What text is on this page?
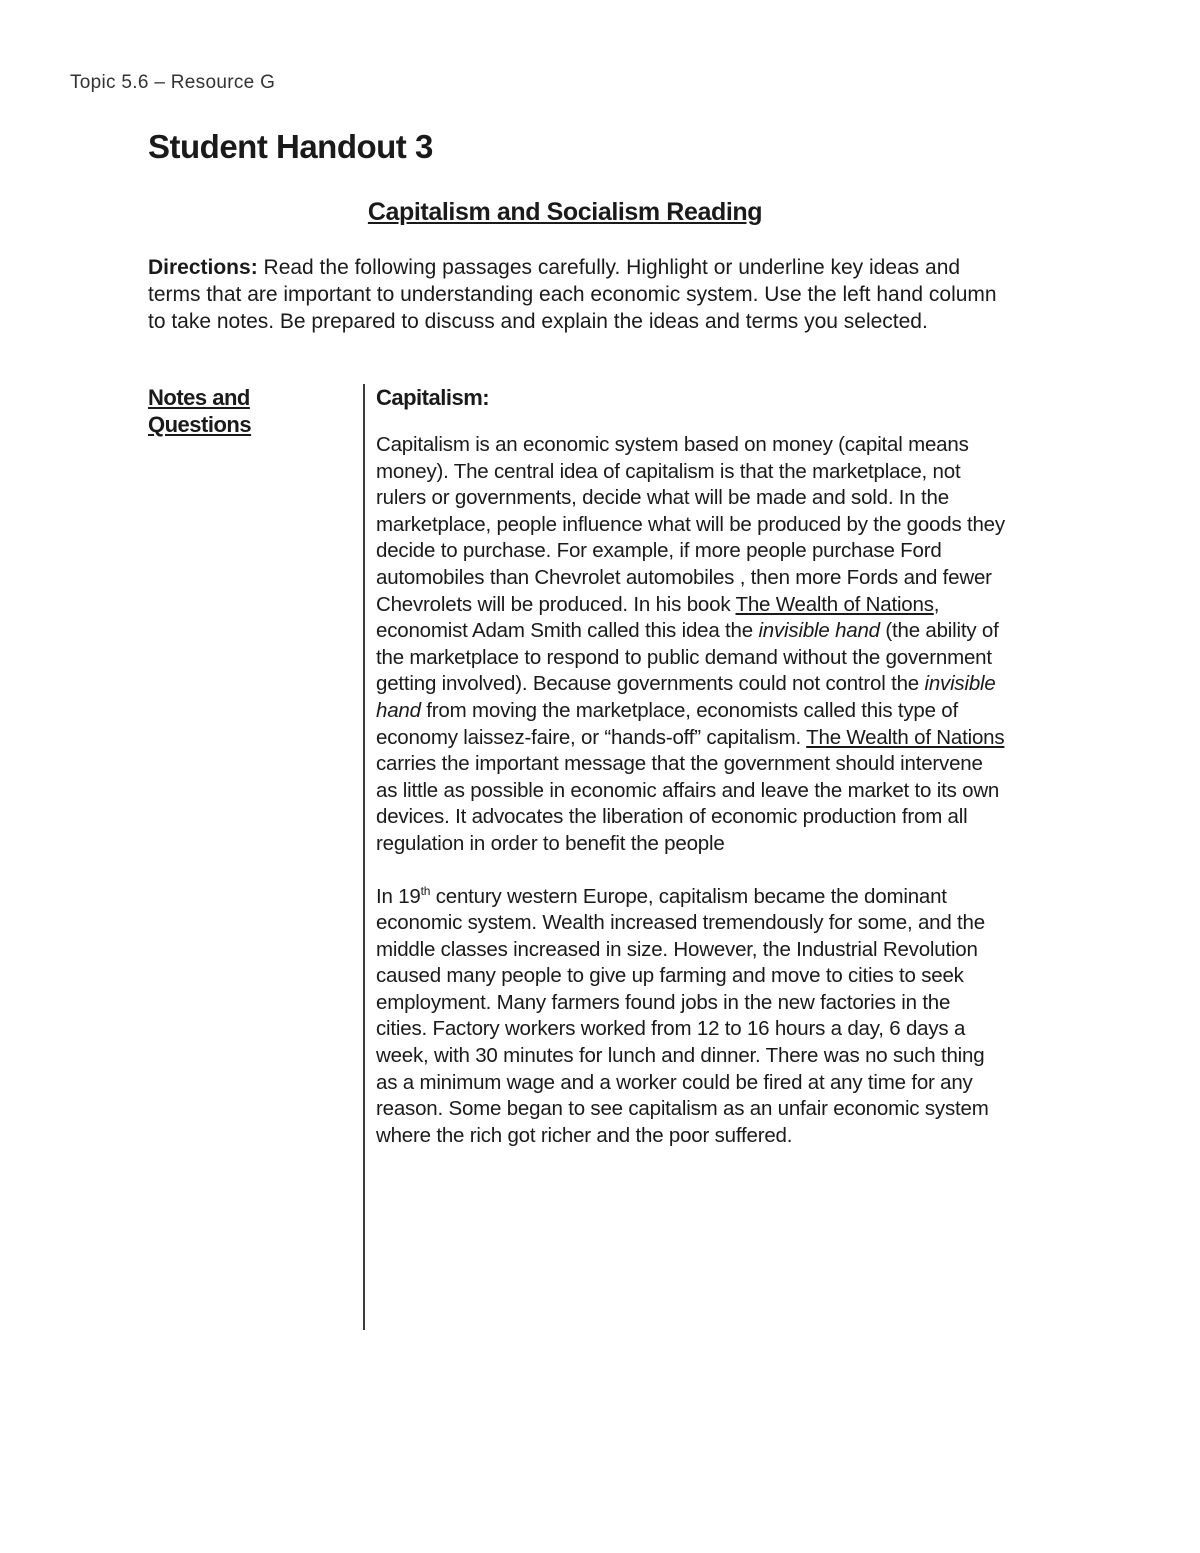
Topic 5.6 – Resource G
Student Handout 3
Capitalism and Socialism Reading

Directions: Read the following passages carefully. Highlight or underline key ideas and terms that are important to understanding each economic system. Use the left hand column to take notes. Be prepared to discuss and explain the ideas and terms you selected.

Notes and
Questions
Capitalism:

Capitalism is an economic system based on money (capital means money). The central idea of capitalism is that the marketplace, not rulers or governments, decide what will be made and sold. In the marketplace, people influence what will be produced by the goods they decide to purchase. For example, if more people purchase Ford automobiles than Chevrolet automobiles , then more Fords and fewer Chevrolets will be produced. In his book The Wealth of Nations, economist Adam Smith called this idea the invisible hand (the ability of the marketplace to respond to public demand without the government getting involved). Because governments could not control the invisible hand from moving the marketplace, economists called this type of economy laissez-faire, or “hands-off” capitalism. The Wealth of Nations carries the important message that the government should intervene as little as possible in economic affairs and leave the market to its own devices. It advocates the liberation of economic production from all regulation in order to benefit the people

In 19th century western Europe, capitalism became the dominant economic system. Wealth increased tremendously for some, and the middle classes increased in size. However, the Industrial Revolution caused many people to give up farming and move to cities to seek employment. Many farmers found jobs in the new factories in the cities. Factory workers worked from 12 to 16 hours a day, 6 days a week, with 30 minutes for lunch and dinner. There was no such thing as a minimum wage and a worker could be fired at any time for any reason. Some began to see capitalism as an unfair economic system where the rich got richer and the poor suffered.
